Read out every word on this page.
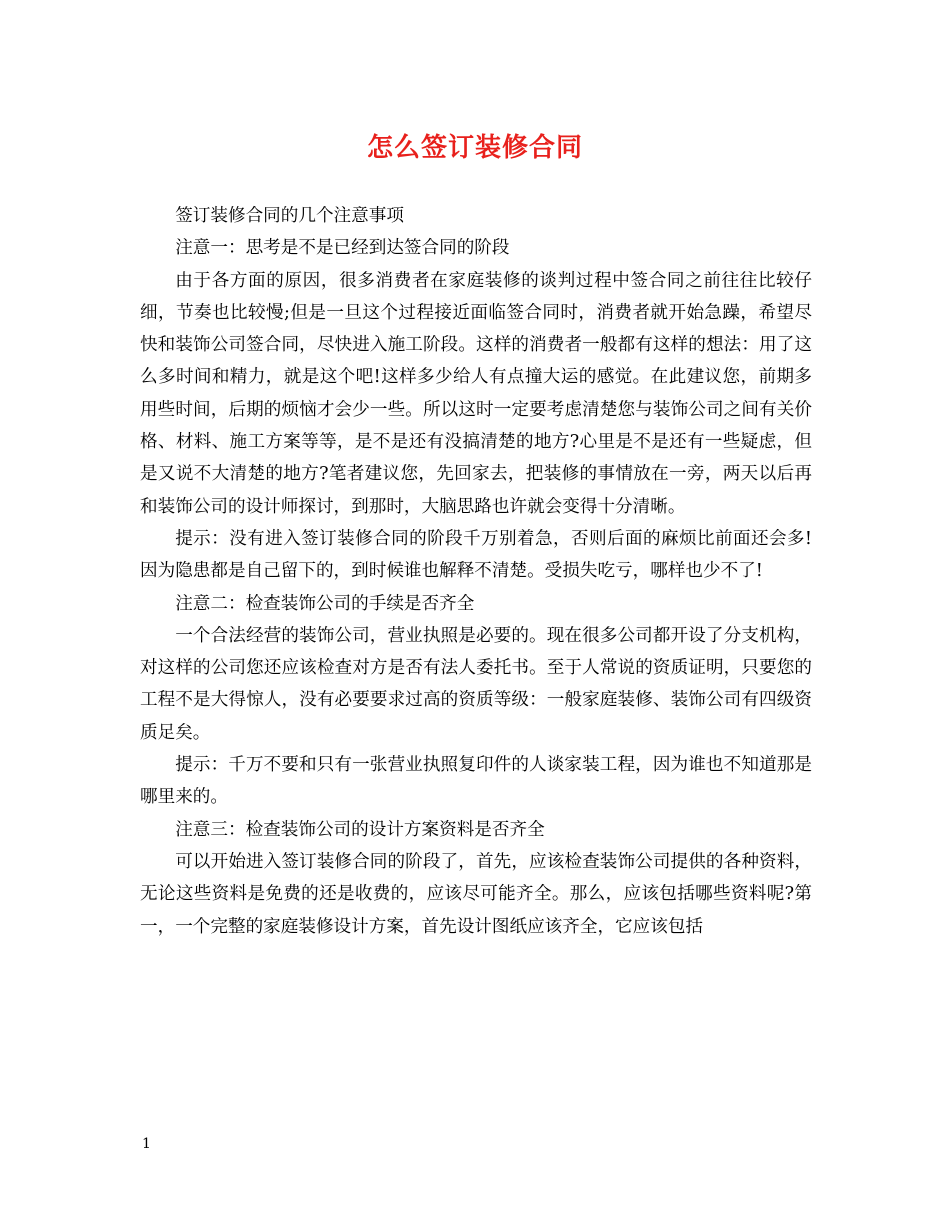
怎么签订装修合同

签订装修合同的几个注意事项

注意一：思考是不是已经到达签合同的阶段

由于各方面的原因，很多消费者在家庭装修的谈判过程中签合同之前往往比较仔细，节奏也比较慢;但是一旦这个过程接近面临签合同时，消费者就开始急躁，希望尽快和装饰公司签合同，尽快进入施工阶段。这样的消费者一般都有这样的想法：用了这么多时间和精力，就是这个吧!这样多少给人有点撞大运的感觉。在此建议您，前期多用些时间，后期的烦恼才会少一些。所以这时一定要考虑清楚您与装饰公司之间有关价格、材料、施工方案等等，是不是还有没搞清楚的地方?心里是不是还有一些疑虑，但是又说不大清楚的地方?笔者建议您，先回家去，把装修的事情放在一旁，两天以后再和装饰公司的设计师探讨，到那时，大脑思路也许就会变得十分清晰。

提示：没有进入签订装修合同的阶段千万别着急，否则后面的麻烦比前面还会多!因为隐患都是自己留下的，到时候谁也解释不清楚。受损失吃亏，哪样也少不了!

注意二：检查装饰公司的手续是否齐全

一个合法经营的装饰公司，营业执照是必要的。现在很多公司都开设了分支机构，对这样的公司您还应该检查对方是否有法人委托书。至于人常说的资质证明，只要您的工程不是大得惊人，没有必要要求过高的资质等级：一般家庭装修、装饰公司有四级资质足矣。

提示：千万不要和只有一张营业执照复印件的人谈家装工程，因为谁也不知道那是哪里来的。

注意三：检查装饰公司的设计方案资料是否齐全

可以开始进入签订装修合同的阶段了，首先，应该检查装饰公司提供的各种资料，无论这些资料是免费的还是收费的，应该尽可能齐全。那么，应该包括哪些资料呢?第一，一个完整的家庭装修设计方案，首先设计图纸应该齐全，它应该包括

1
